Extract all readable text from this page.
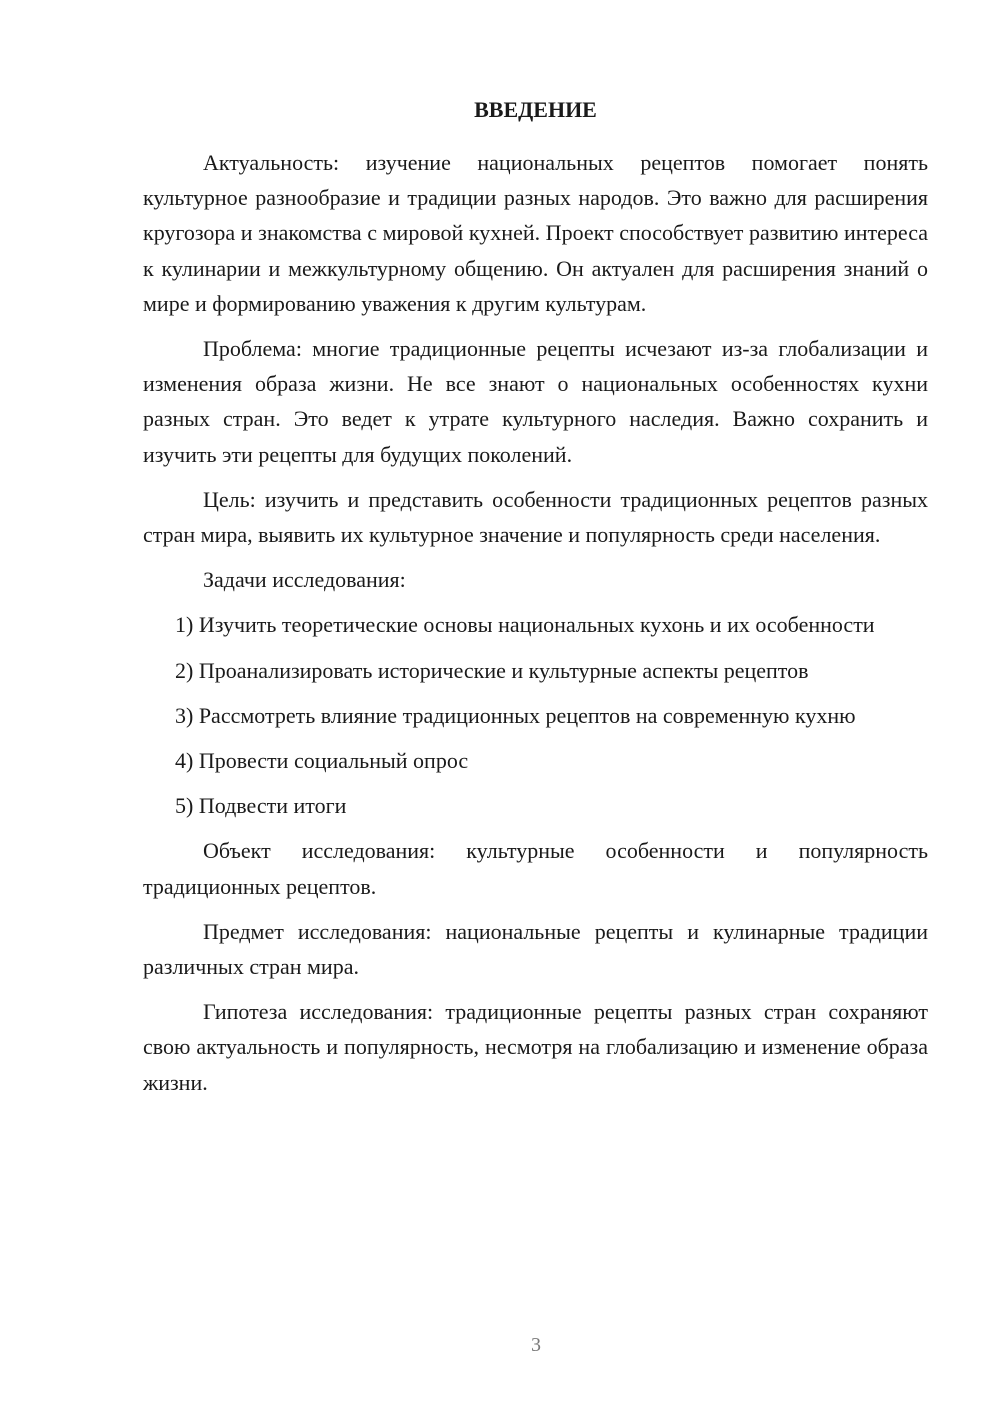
ВВЕДЕНИЕ

Актуальность: изучение национальных рецептов помогает понять культурное разнообразие и традиции разных народов. Это важно для расширения кругозора и знакомства с мировой кухней. Проект способствует развитию интереса к кулинарии и межкультурному общению. Он актуален для расширения знаний о мире и формированию уважения к другим культурам.

Проблема: многие традиционные рецепты исчезают из-за глобализации и изменения образа жизни. Не все знают о национальных особенностях кухни разных стран. Это ведет к утрате культурного наследия. Важно сохранить и изучить эти рецепты для будущих поколений.

Цель: изучить и представить особенности традиционных рецептов разных стран мира, выявить их культурное значение и популярность среди населения.

Задачи исследования:

1) Изучить теоретические основы национальных кухонь и их особенности

2) Проанализировать исторические и культурные аспекты рецептов

3) Рассмотреть влияние традиционных рецептов на современную кухню

4) Провести социальный опрос

5) Подвести итоги

Объект исследования: культурные особенности и популярность традиционных рецептов.

Предмет исследования: национальные рецепты и кулинарные традиции различных стран мира.

Гипотеза исследования: традиционные рецепты разных стран сохраняют свою актуальность и популярность, несмотря на глобализацию и изменение образа жизни.

3
